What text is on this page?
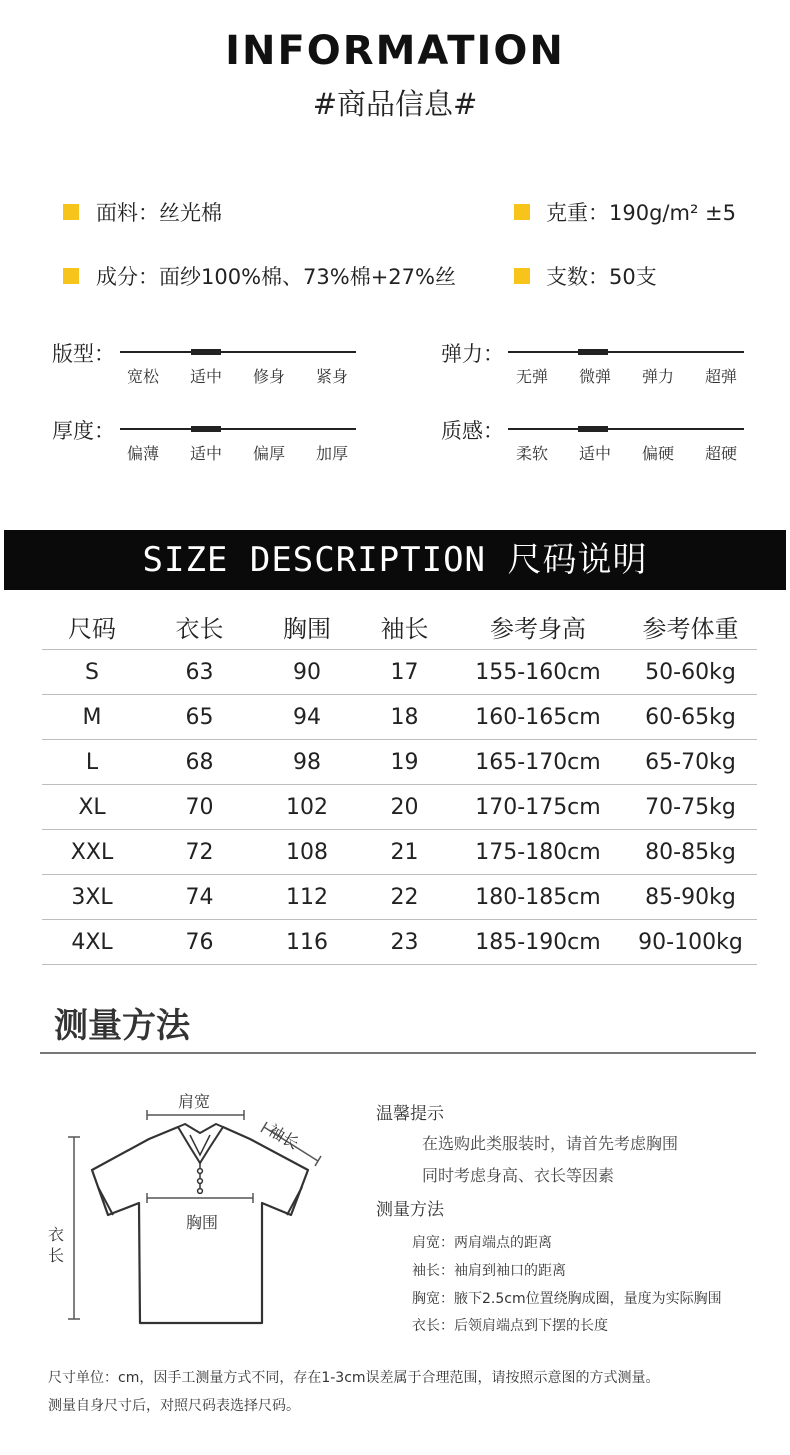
INFORMATION
#商品信息#
面料：丝光棉	克重：190g/m² ±5
成分：面纱100%棉、73%棉+27%丝	支数：50支
版型：
宽松	适中	修身	紧身
弹力：
无弹	微弹	弹力	超弹
厚度：
偏薄	适中	偏厚	加厚
质感：
柔软	适中	偏硬	超硬
SIZE DESCRIPTION 尺码说明
尺码	衣长	胸围	袖长	参考身高	参考体重
S	63	90	17	155-160cm	50-60kg
M	65	94	18	160-165cm	60-65kg
L	68	98	19	165-170cm	65-70kg
XL	70	102	20	170-175cm	70-75kg
XXL	72	108	21	175-180cm	80-85kg
3XL	74	112	22	180-185cm	85-90kg
4XL	76	116	23	185-190cm	90-100kg
测量方法
肩宽
袖长
胸围
衣
长
温馨提示
在选购此类服装时，请首先考虑胸围
同时考虑身高、衣长等因素
测量方法
肩宽：两肩端点的距离
袖长：袖肩到袖口的距离
胸宽：腋下2.5cm位置绕胸成圈，量度为实际胸围
衣长：后领肩端点到下摆的长度
尺寸单位：cm，因手工测量方式不同，存在1-3cm误差属于合理范围，请按照示意图的方式测量。
测量自身尺寸后，对照尺码表选择尺码。
